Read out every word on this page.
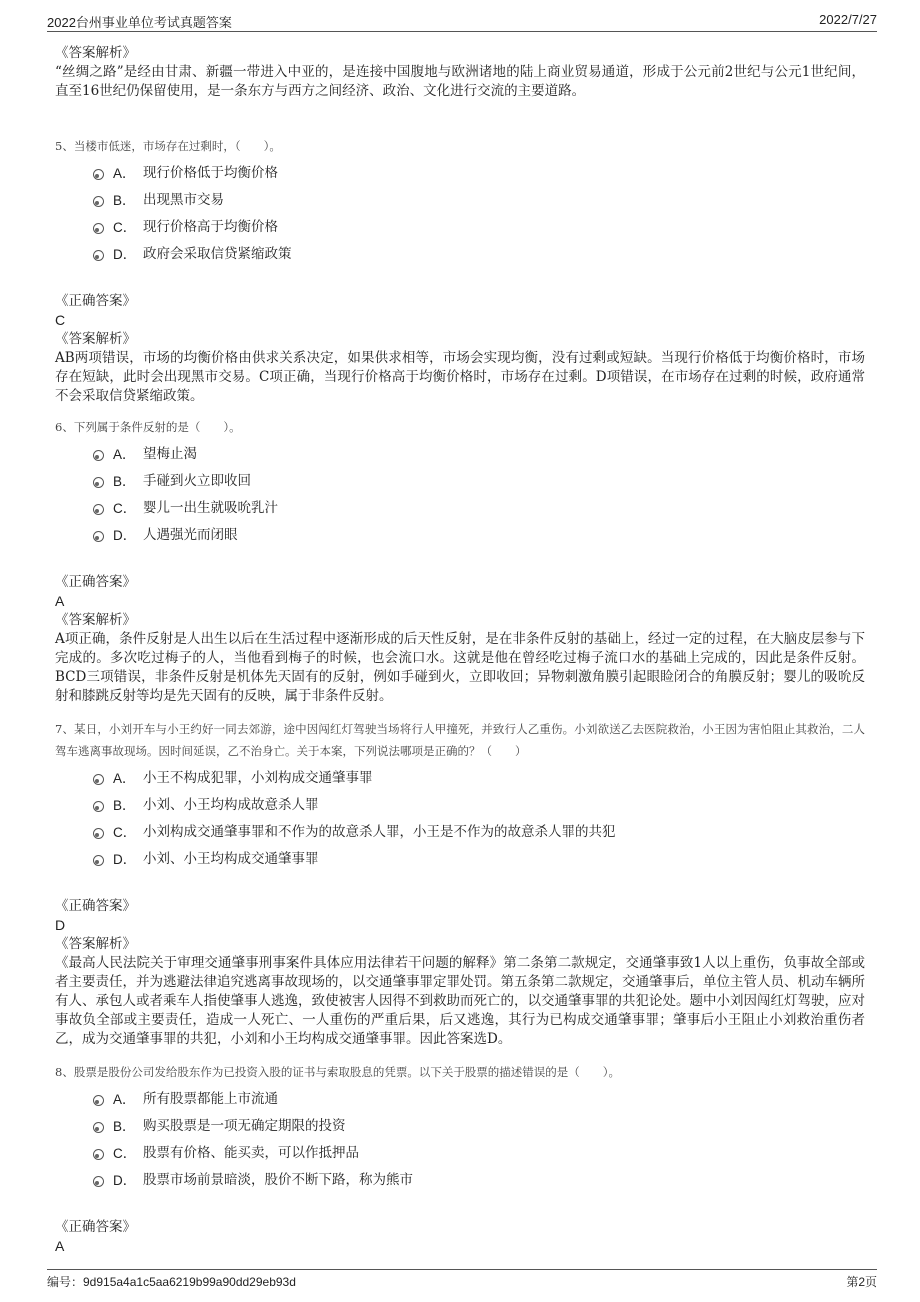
2022台州事业单位考试真题答案	2022/7/27
《答案解析》
“丝绸之路”是经由甘肃、新疆一带进入中亚的，是连接中国腹地与欧洲诸地的陆上商业贸易通道，形成于公元前2世纪与公元1世纪间，直至16世纪仍保留使用，是一条东方与西方之间经济、政治、文化进行交流的主要道路。
5、当楼市低迷，市场存在过剩时，（　　）。
A． 现行价格低于均衡价格
B． 出现黑市交易
C． 现行价格高于均衡价格
D． 政府会采取信贷紧缩政策
《正确答案》
C
《答案解析》
AB两项错误，市场的均衡价格由供求关系决定，如果供求相等，市场会实现均衡，没有过剩或短缺。当现行价格低于均衡价格时，市场存在短缺，此时会出现黑市交易。C项正确，当现行价格高于均衡价格时，市场存在过剩。D项错误，在市场存在过剩的时候，政府通常不会采取信贷紧缩政策。
6、下列属于条件反射的是（　　）。
A． 望梅止渴
B． 手碰到火立即收回
C． 婴儿一出生就吸吮乳汁
D． 人遇强光而闭眼
《正确答案》
A
《答案解析》
A项正确，条件反射是人出生以后在生活过程中逐渐形成的后天性反射，是在非条件反射的基础上，经过一定的过程，在大脑皮层参与下完成的。多次吃过梅子的人，当他看到梅子的时候，也会流口水。这就是他在曾经吃过梅子流口水的基础上完成的，因此是条件反射。BCD三项错误，非条件反射是机体先天固有的反射，例如手碰到火，立即收回；异物刺激角膜引起眼睑闭合的角膜反射；婴儿的吸吮反射和膝跳反射等均是先天固有的反映，属于非条件反射。
7、某日，小刘开车与小王约好一同去郊游，途中因闯红灯驾驶当场将行人甲撞死，并致行人乙重伤。小刘欲送乙去医院救治，小王因为害怕阻止其救治，二人驾车逃离事故现场。因时间延误，乙不治身亡。关于本案，下列说法哪项是正确的？（　　）
A． 小王不构成犯罪，小刘构成交通肇事罪
B． 小刘、小王均构成故意杀人罪
C． 小刘构成交通肇事罪和不作为的故意杀人罪，小王是不作为的故意杀人罪的共犯
D． 小刘、小王均构成交通肇事罪
《正确答案》
D
《答案解析》
《最高人民法院关于审理交通肇事刑事案件具体应用法律若干问题的解释》第二条第二款规定，交通肇事致1人以上重伤，负事故全部或者主要责任，并为逃避法律追究逃离事故现场的，以交通肇事罪定罪处罚。第五条第二款规定，交通肇事后，单位主管人员、机动车辆所有人、承包人或者乘车人指使肇事人逃逸，致使被害人因得不到救助而死亡的，以交通肇事罪的共犯论处。题中小刘因闯红灯驾驶，应对事故负全部或主要责任，造成一人死亡、一人重伤的严重后果，后又逃逸，其行为已构成交通肇事罪；肇事后小王阻止小刘救治重伤者乙，成为交通肇事罪的共犯，小刘和小王均构成交通肇事罪。因此答案选D。
8、股票是股份公司发给股东作为已投资入股的证书与索取股息的凭票。以下关于股票的描述错误的是（　　）。
A． 所有股票都能上市流通
B． 购买股票是一项无确定期限的投资
C． 股票有价格、能买卖，可以作抵押品
D． 股票市场前景暗淡，股价不断下路，称为熊市
《正确答案》
A
编号：9d915a4a1c5aa6219b99a90dd29eb93d	第2页
